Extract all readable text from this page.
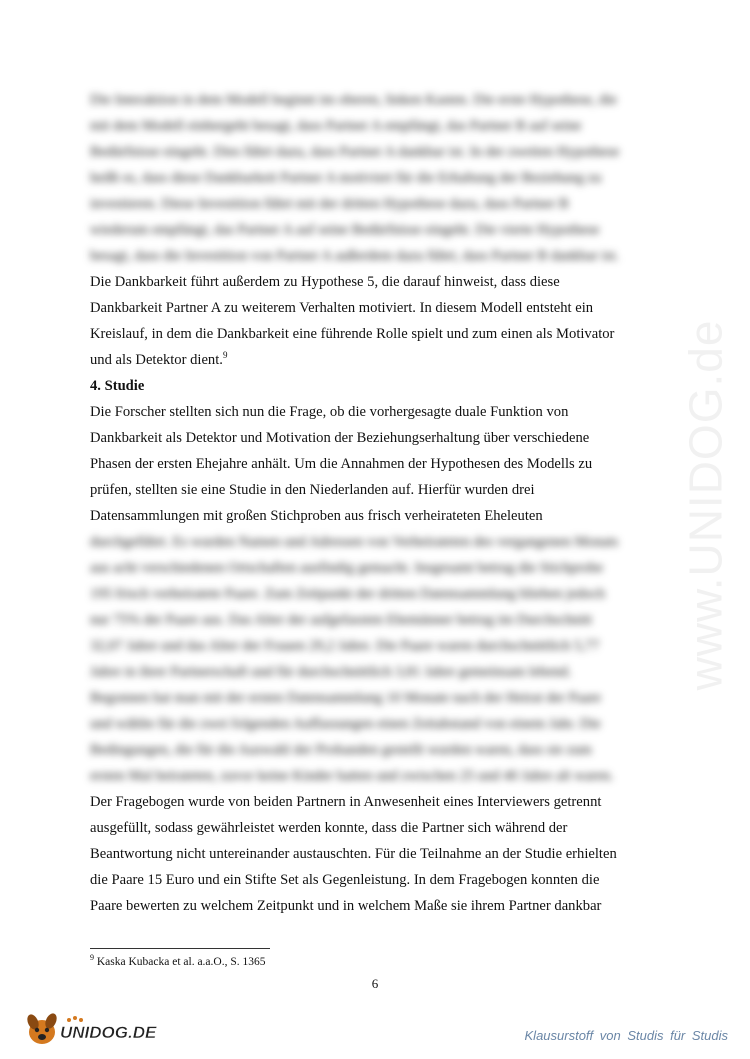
Die Interaktion in dem Modell beginnt im oberen, linken Kasten. Die erste Hypothese, die
mit dem Modell einhergeht besagt, dass Partner A empfängt, das Partner B auf seine
Bedürfnisse eingeht. Dies führt dazu, dass Partner A dankbar ist. In der zweiten Hypothese
heißt es, dass diese Dankbarkeit Partner A motiviert für die Erhaltung der Beziehung zu
investieren. Diese Investition führt mit der dritten Hypothese dazu, dass Partner B
wiederum empfängt, das Partner A auf seine Bedürfnisse eingeht. Die vierte Hypothese
besagt, dass die Investition von Partner A außerdem dazu führt, dass Partner B dankbar ist.
Die Dankbarkeit führt außerdem zu Hypothese 5, die darauf hinweist, dass diese
Dankbarkeit Partner A zu weiterem Verhalten motiviert. In diesem Modell entsteht ein
Kreislauf, in dem die Dankbarkeit eine führende Rolle spielt und zum einen als Motivator
und als Detektor dient.$^9$
4. Studie
Die Forscher stellten sich nun die Frage, ob die vorhergesagte duale Funktion von
Dankbarkeit als Detektor und Motivation der Beziehungserhaltung über verschiedene
Phasen der ersten Ehejahre anhält. Um die Annahmen der Hypothesen des Modells zu
prüfen, stellten sie eine Studie in den Niederlanden auf. Hierfür wurden drei
Datensammlungen mit großen Stichproben aus frisch verheirateten Eheleuten
durchgeführt. Es wurden Namen und Adressen von Verheirateten des vergangenen Monats
aus acht verschiedenen Ortschaften ausfindig gemacht. Insgesamt betrug die Stichprobe
195 frisch verheiratete Paare. Zum Zeitpunkt der dritten Datensammlung blieben jedoch
nur 75% der Paare aus. Das Alter der aufgefassten Ehemänner betrug im Durchschnitt
32,07 Jahre und das Alter der Frauen 29,2 Jahre. Die Paare waren durchschnittlich 5,77
Jahre in ihrer Partnerschaft und für durchschnittlich 3,81 Jahre gemeinsam lebend.
Begonnen hat man mit der ersten Datensammlung 10 Monate nach der Heirat der Paare
und wählte für die zwei folgenden Auffassungen einen Zeitabstand von einem Jahr. Die
Bedingungen, die für die Auswahl der Probanden gestellt wurden waren, dass sie zum
ersten Mal heirateten, zuvor keine Kinder hatten und zwischen 25 und 40 Jahre alt waren.
Der Fragebogen wurde von beiden Partnern in Anwesenheit eines Interviewers getrennt
ausgefüllt, sodass gewährleistet werden konnte, dass die Partner sich während der
Beantwortung nicht untereinander austauschten. Für die Teilnahme an der Studie erhielten
die Paare 15 Euro und ein Stifte Set als Gegenleistung. In dem Fragebogen konnten die
Paare bewerten zu welchem Zeitpunkt und in welchem Maße sie ihrem Partner dankbar
$^9$ Kaska Kubacka et al. a.a.O., S. 1365
6
www.UNIDOG.de
UNIDOG.DE	Klausurstoff von Studis für Studis
